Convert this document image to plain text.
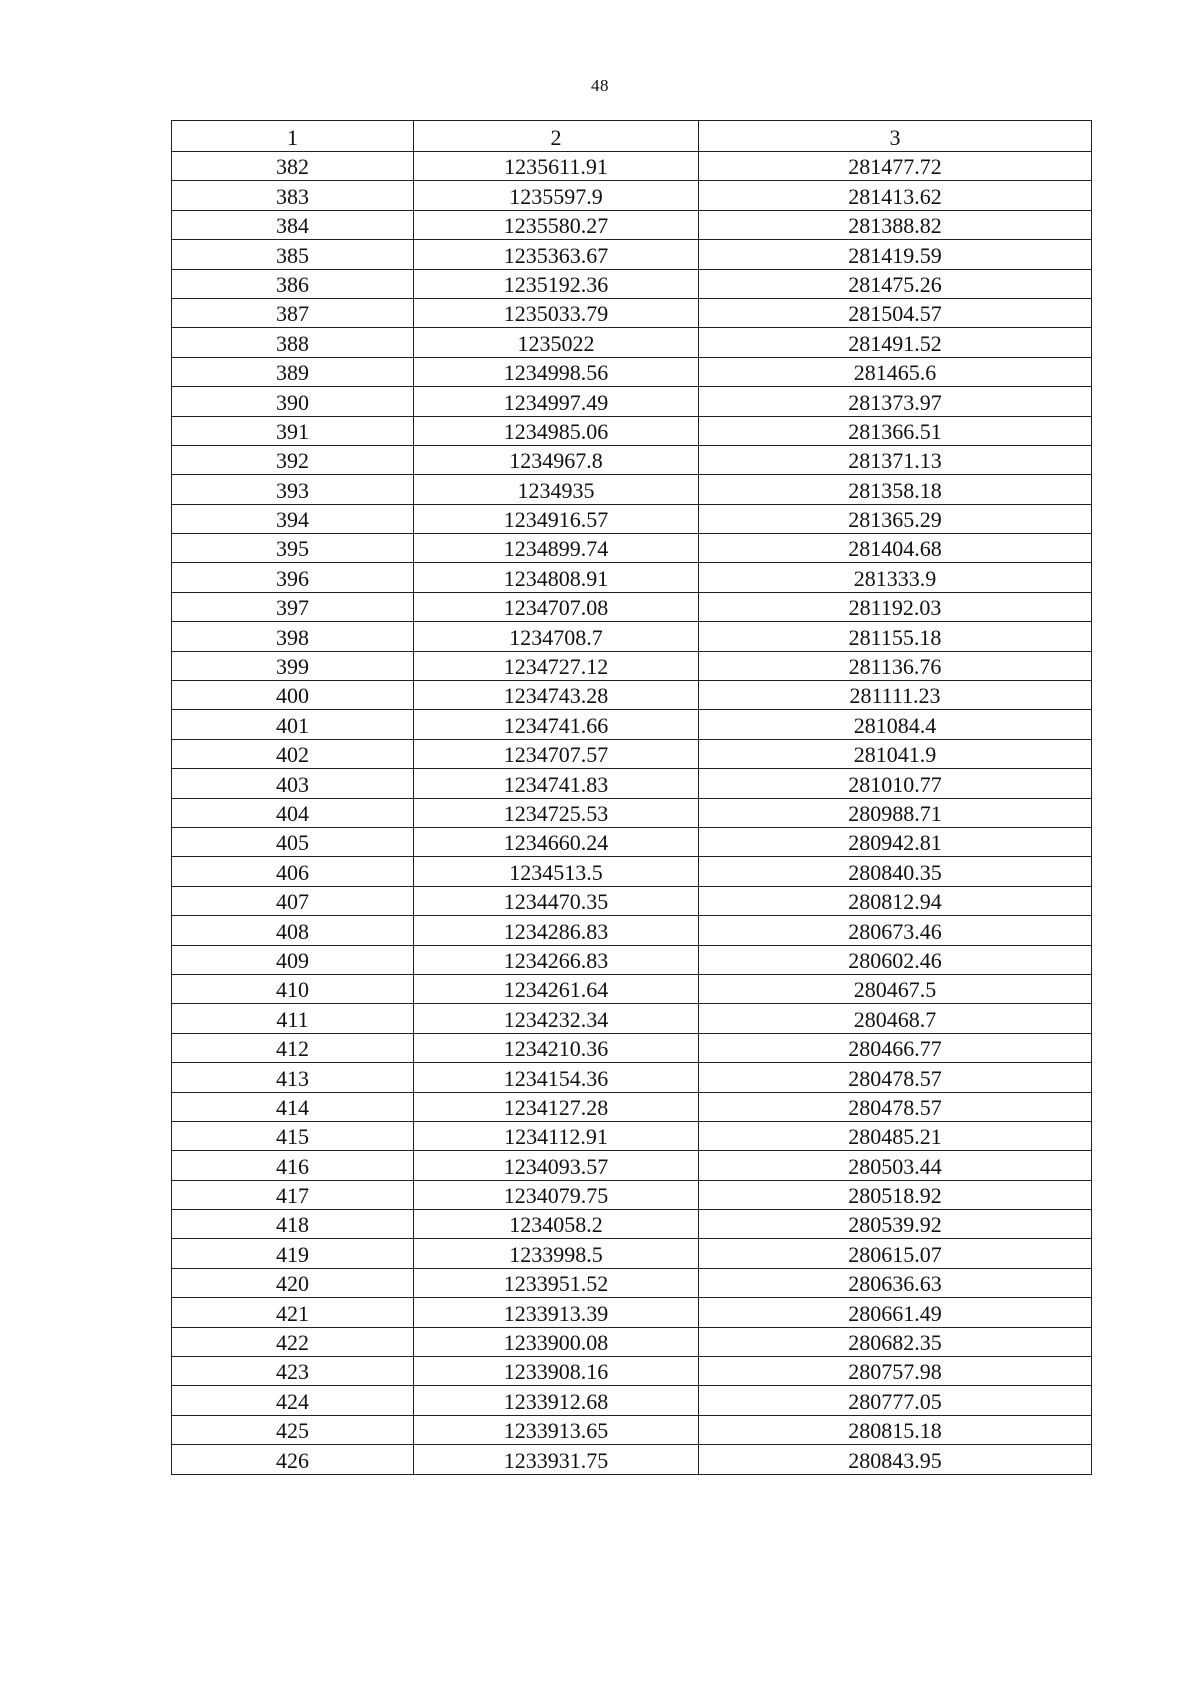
48
1	2	3
382	1235611.91	281477.72
383	1235597.9	281413.62
384	1235580.27	281388.82
385	1235363.67	281419.59
386	1235192.36	281475.26
387	1235033.79	281504.57
388	1235022	281491.52
389	1234998.56	281465.6
390	1234997.49	281373.97
391	1234985.06	281366.51
392	1234967.8	281371.13
393	1234935	281358.18
394	1234916.57	281365.29
395	1234899.74	281404.68
396	1234808.91	281333.9
397	1234707.08	281192.03
398	1234708.7	281155.18
399	1234727.12	281136.76
400	1234743.28	281111.23
401	1234741.66	281084.4
402	1234707.57	281041.9
403	1234741.83	281010.77
404	1234725.53	280988.71
405	1234660.24	280942.81
406	1234513.5	280840.35
407	1234470.35	280812.94
408	1234286.83	280673.46
409	1234266.83	280602.46
410	1234261.64	280467.5
411	1234232.34	280468.7
412	1234210.36	280466.77
413	1234154.36	280478.57
414	1234127.28	280478.57
415	1234112.91	280485.21
416	1234093.57	280503.44
417	1234079.75	280518.92
418	1234058.2	280539.92
419	1233998.5	280615.07
420	1233951.52	280636.63
421	1233913.39	280661.49
422	1233900.08	280682.35
423	1233908.16	280757.98
424	1233912.68	280777.05
425	1233913.65	280815.18
426	1233931.75	280843.95
